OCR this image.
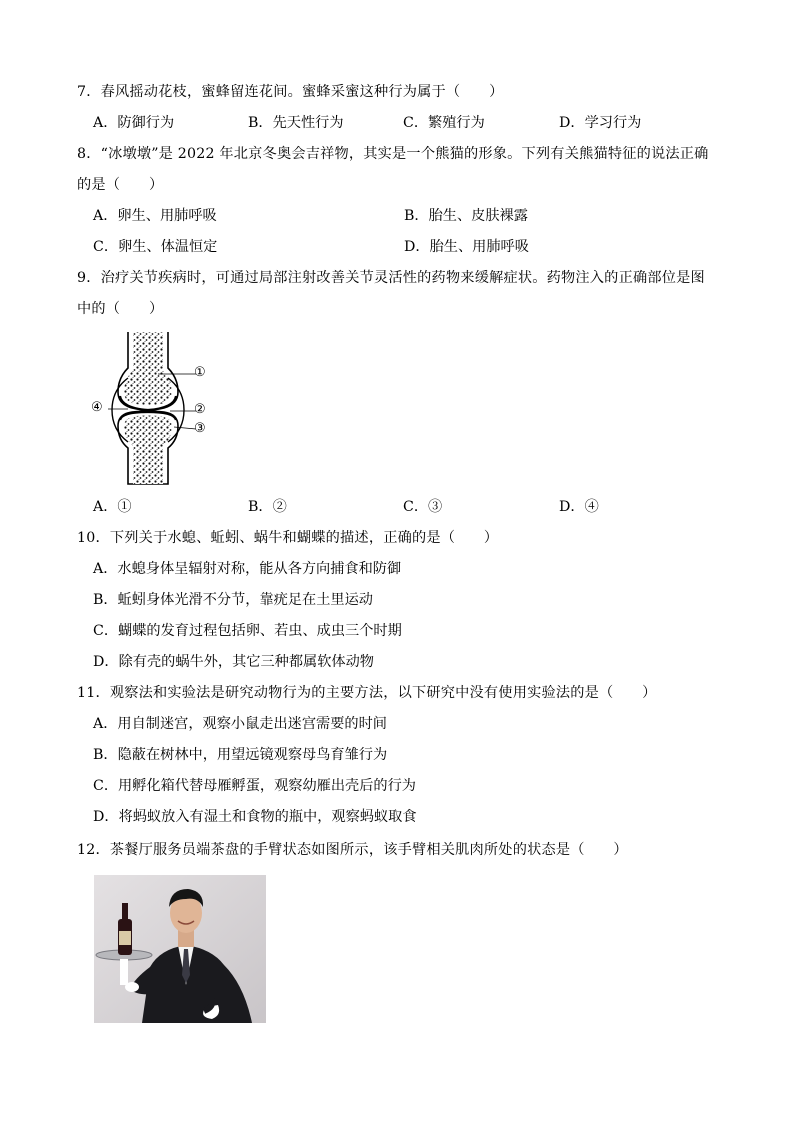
7．春风摇动花枝，蜜蜂留连花间。蜜蜂采蜜这种行为属于（　　）
A．防御行为	B．先天性行为	C．繁殖行为	D．学习行为
8．“冰墩墩”是 2022 年北京冬奥会吉祥物，其实是一个熊猫的形象。下列有关熊猫特征的说法正确
的是（　　）
A．卵生、用肺呼吸	B．胎生、皮肤裸露
C．卵生、体温恒定	D．胎生、用肺呼吸
9．治疗关节疾病时，可通过局部注射改善关节灵活性的药物来缓解症状。药物注入的正确部位是图
中的（　　）
①
②
③
④
A．①	B．②	C．③	D．④
10．下列关于水螅、蚯蚓、蜗牛和蝴蝶的描述，正确的是（　　）
A．水螅身体呈辐射对称，能从各方向捕食和防御
B．蚯蚓身体光滑不分节，靠疣足在土里运动
C．蝴蝶的发育过程包括卵、若虫、成虫三个时期
D．除有壳的蜗牛外，其它三种都属软体动物
11．观察法和实验法是研究动物行为的主要方法，以下研究中没有使用实验法的是（　　）
A．用自制迷宫，观察小鼠走出迷宫需要的时间
B．隐蔽在树林中，用望远镜观察母鸟育雏行为
C．用孵化箱代替母雁孵蛋，观察幼雁出壳后的行为
D．将蚂蚁放入有湿土和食物的瓶中，观察蚂蚁取食
12．茶餐厅服务员端茶盘的手臂状态如图所示，该手臂相关肌肉所处的状态是（　　）
